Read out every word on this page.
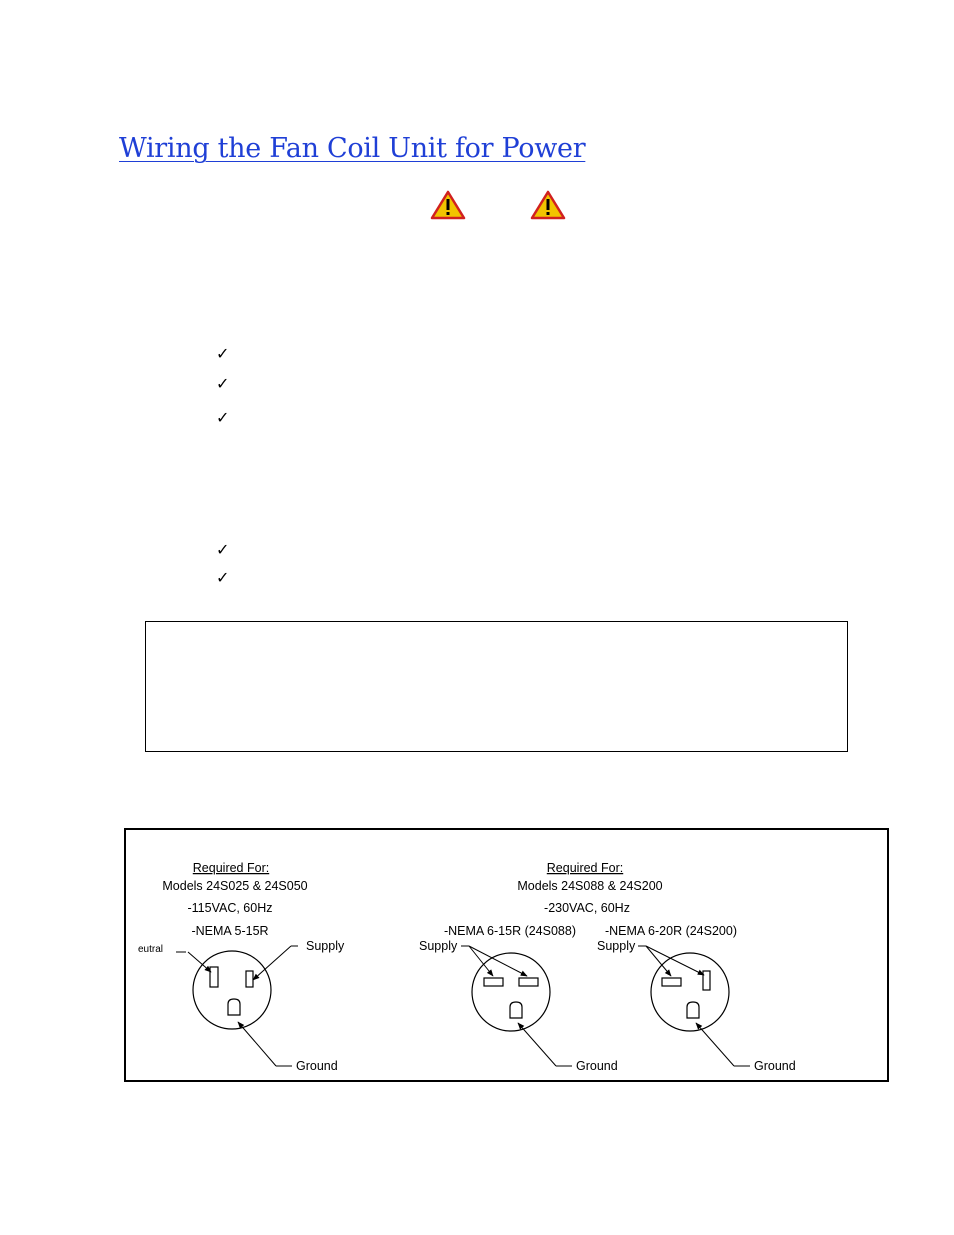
Wiring the Fan Coil Unit for Power
✓
✓
✓
✓
✓
Required For:
Models 24S025 & 24S050
-115VAC, 60Hz
-NEMA 5-15R
eutral	Supply
Ground
Required For:
Models 24S088 & 24S200
-230VAC, 60Hz
-NEMA 6-15R (24S088) -NEMA 6-20R (24S200)
Supply	Supply
Ground	Ground
